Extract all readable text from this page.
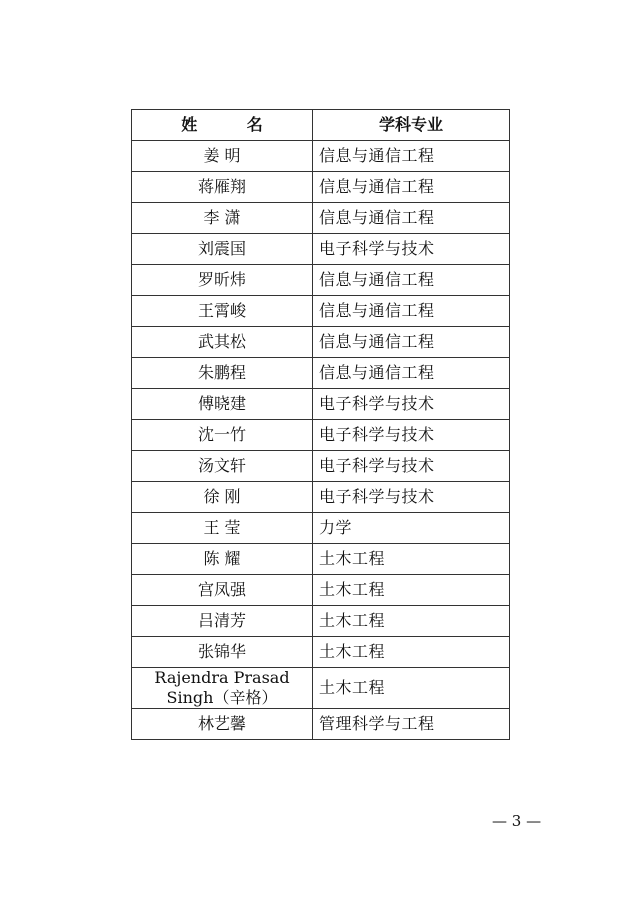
姓 名	学科专业
姜 明	信息与通信工程
蒋雁翔	信息与通信工程
李 潇	信息与通信工程
刘震国	电子科学与技术
罗昕炜	信息与通信工程
王霄峻	信息与通信工程
武其松	信息与通信工程
朱鹏程	信息与通信工程
傅晓建	电子科学与技术
沈一竹	电子科学与技术
汤文轩	电子科学与技术
徐 刚	电子科学与技术
王 莹	力学
陈 耀	土木工程
宫凤强	土木工程
吕清芳	土木工程
张锦华	土木工程

Rajendra Prasad
Singh（辛格）	土木工程
林艺馨	管理科学与工程
— 3 —
